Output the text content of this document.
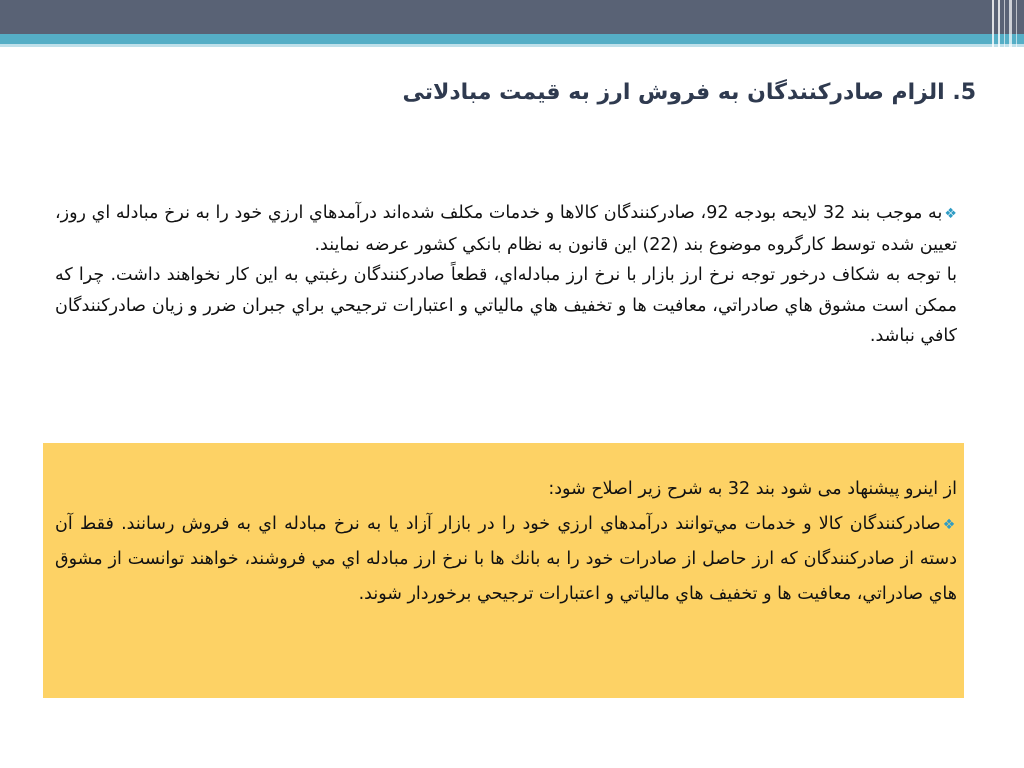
5. الزام صادرکنندگان به فروش ارز به قیمت مبادلاتی

❖به موجب بند 32 لايحه بودجه 92، صادرکنندگان کالاها و خدمات مکلف شده‌اند درآمدهاي ارزي خود را به نرخ مبادله اي روز، تعيين شده توسط کارگروه موضوع بند (22) اين قانون به نظام بانکي کشور عرضه نمايند.

با توجه به شکاف درخور توجه نرخ ارز بازار با نرخ ارز مبادله‌اي، قطعاً صادرکنندگان رغبتي به اين کار نخواهند داشت. چرا که ممکن است مشوق هاي صادراتي، معافيت ها و تخفيف هاي مالياتي و اعتبارات ترجيحي براي جبران ضرر و زيان صادرکنندگان کافي نباشد.

از اینرو پیشنهاد می شود بند 32 به شرح زیر اصلاح شود:

❖صادرکنندگان کالا و خدمات مي‌توانند درآمدهاي ارزي خود را در بازار آزاد يا به نرخ مبادله اي به فروش رسانند. فقط آن دسته از صادرکنندگان که ارز حاصل از صادرات خود را به بانك ها با نرخ ارز مبادله اي مي فروشند، خواهند توانست از مشوق هاي صادراتي، معافيت ها و تخفيف هاي مالياتي و اعتبارات ترجيحي برخوردار شوند.
